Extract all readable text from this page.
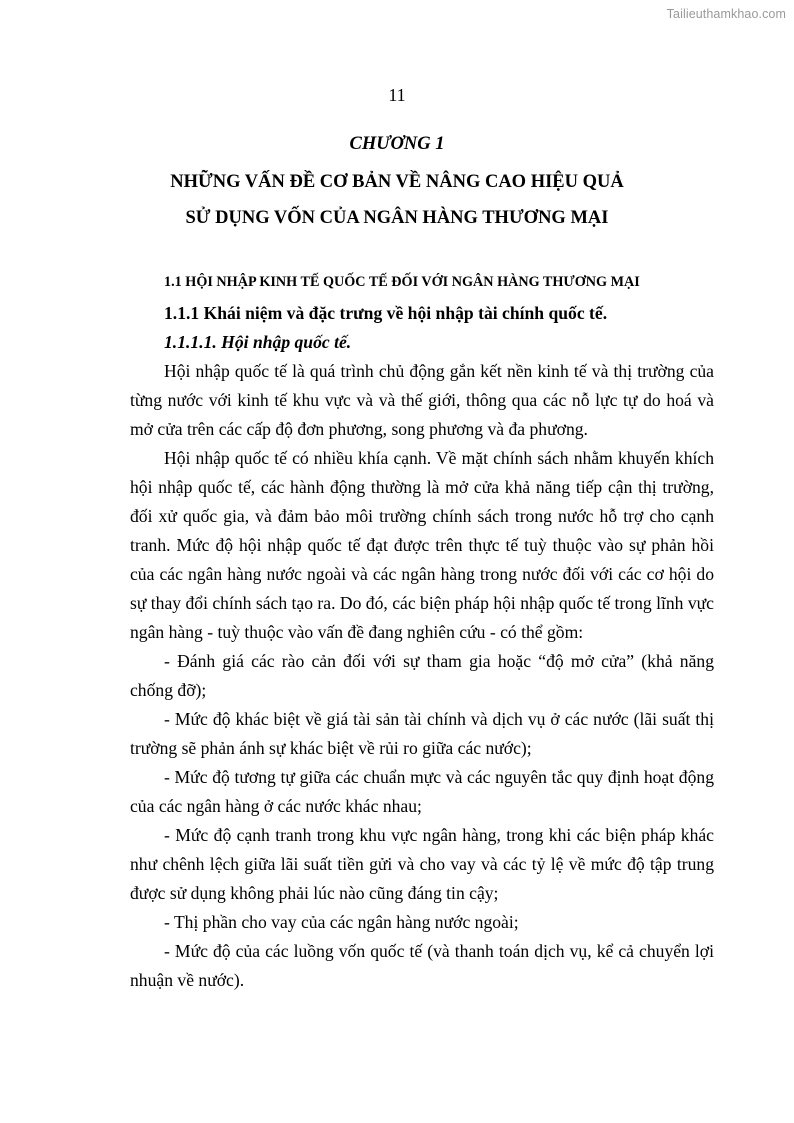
Tailieuthamkhao.com
11
CHƯƠNG 1
NHỮNG VẤN ĐỀ CƠ BẢN VỀ NÂNG CAO HIỆU QUẢ
SỬ DỤNG VỐN CỦA NGÂN HÀNG THƯƠNG MẠI
1.1 HỘI NHẬP KINH TẾ QUỐC TẾ ĐỐI VỚI NGÂN HÀNG THƯƠNG MẠI
1.1.1 Khái niệm và đặc trưng về hội nhập tài chính quốc tế.
1.1.1.1. Hội nhập quốc tế.

Hội nhập quốc tế là quá trình chủ động gắn kết nền kinh tế và thị trường của từng nước với kinh tế khu vực và và thế giới, thông qua các nỗ lực tự do hoá và mở cửa trên các cấp độ đơn phương, song phương và đa phương.

Hội nhập quốc tế có nhiều khía cạnh. Về mặt chính sách nhằm khuyến khích hội nhập quốc tế, các hành động thường là mở cửa khả năng tiếp cận thị trường, đối xử quốc gia, và đảm bảo môi trường chính sách trong nước hỗ trợ cho cạnh tranh. Mức độ hội nhập quốc tế đạt được trên thực tế tuỳ thuộc vào sự phản hồi của các ngân hàng nước ngoài và các ngân hàng trong nước đối với các cơ hội do sự thay đổi chính sách tạo ra. Do đó, các biện pháp hội nhập quốc tế trong lĩnh vực ngân hàng - tuỳ thuộc vào vấn đề đang nghiên cứu - có thể gồm:

- Đánh giá các rào cản đối với sự tham gia hoặc “độ mở cửa” (khả năng chống đỡ);

- Mức độ khác biệt về giá tài sản tài chính và dịch vụ ở các nước (lãi suất thị trường sẽ phản ánh sự khác biệt về rủi ro giữa các nước);

- Mức độ tương tự giữa các chuẩn mực và các nguyên tắc quy định hoạt động của các ngân hàng ở các nước khác nhau;

- Mức độ cạnh tranh trong khu vực ngân hàng, trong khi các biện pháp khác như chênh lệch giữa lãi suất tiền gửi và cho vay và các tỷ lệ về mức độ tập trung được sử dụng không phải lúc nào cũng đáng tin cậy;

- Thị phần cho vay của các ngân hàng nước ngoài;

- Mức độ của các luồng vốn quốc tế (và thanh toán dịch vụ, kể cả chuyển lợi nhuận về nước).
